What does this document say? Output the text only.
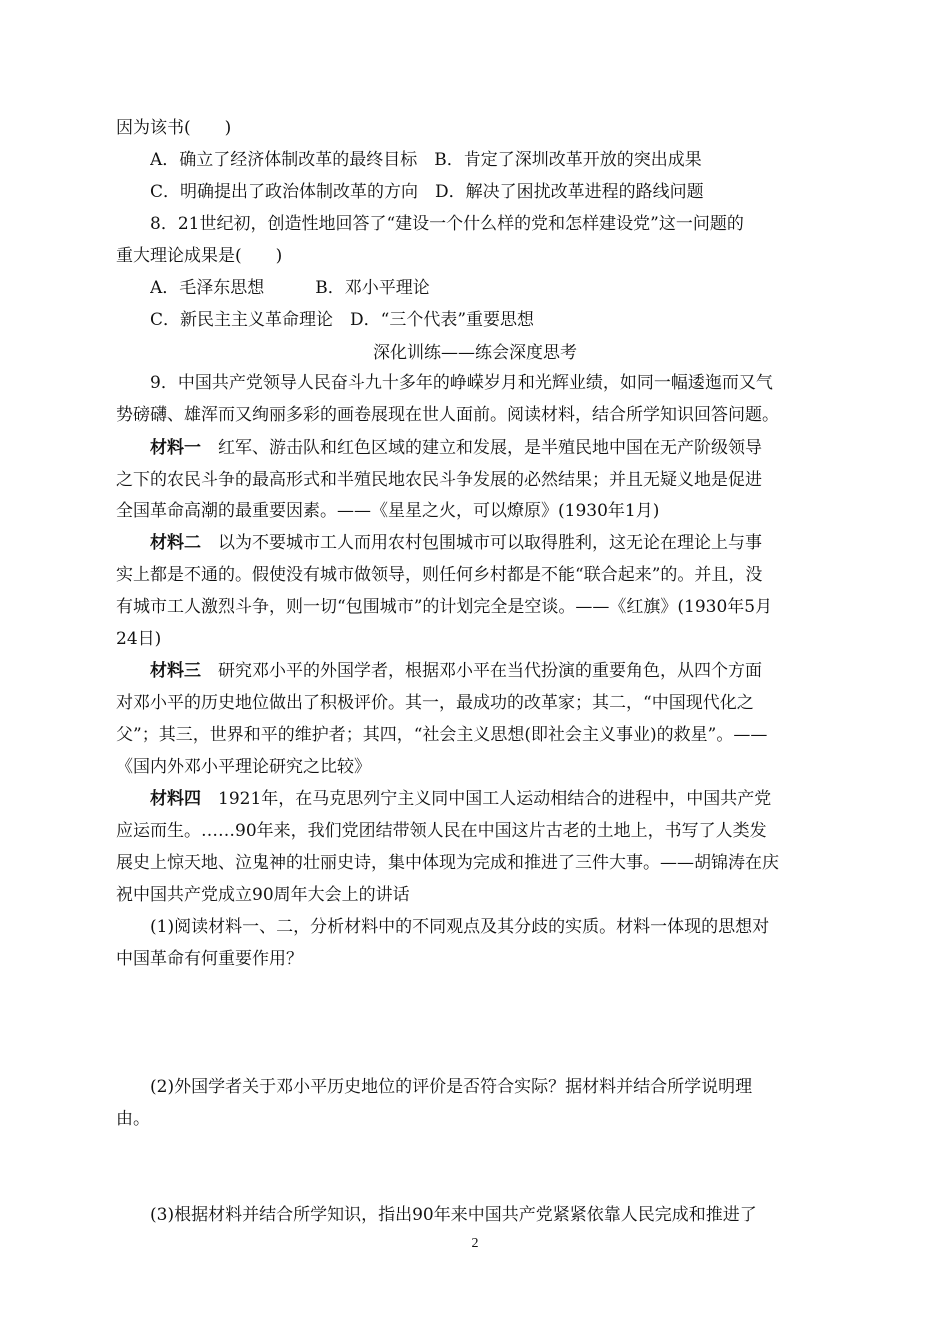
因为该书(　　)
A．确立了经济体制改革的最终目标　B．肯定了深圳改革开放的突出成果
C．明确提出了政治体制改革的方向　D．解决了困扰改革进程的路线问题
8．21世纪初，创造性地回答了“建设一个什么样的党和怎样建设党”这一问题的
重大理论成果是(　　)
A．毛泽东思想　　　B．邓小平理论
C．新民主主义革命理论　D．“三个代表”重要思想
深化训练——练会深度思考
9．中国共产党领导人民奋斗九十多年的峥嵘岁月和光辉业绩，如同一幅逶迤而又气
势磅礴、雄浑而又绚丽多彩的画卷展现在世人面前。阅读材料，结合所学知识回答问题。
材料一　红军、游击队和红色区域的建立和发展，是半殖民地中国在无产阶级领导
之下的农民斗争的最高形式和半殖民地农民斗争发展的必然结果；并且无疑义地是促进
全国革命高潮的最重要因素。——《星星之火，可以燎原》(1930年1月)
材料二　以为不要城市工人而用农村包围城市可以取得胜利，这无论在理论上与事
实上都是不通的。假使没有城市做领导，则任何乡村都是不能“联合起来”的。并且，没
有城市工人激烈斗争，则一切“包围城市”的计划完全是空谈。——《红旗》(1930年5月
24日)
材料三　研究邓小平的外国学者，根据邓小平在当代扮演的重要角色，从四个方面
对邓小平的历史地位做出了积极评价。其一，最成功的改革家；其二，“中国现代化之
父”；其三，世界和平的维护者；其四，“社会主义思想(即社会主义事业)的救星”。——
《国内外邓小平理论研究之比较》
材料四　1921年，在马克思列宁主义同中国工人运动相结合的进程中，中国共产党
应运而生。……90年来，我们党团结带领人民在中国这片古老的土地上，书写了人类发
展史上惊天地、泣鬼神的壮丽史诗，集中体现为完成和推进了三件大事。——胡锦涛在庆
祝中国共产党成立90周年大会上的讲话
(1)阅读材料一、二，分析材料中的不同观点及其分歧的实质。材料一体现的思想对
中国革命有何重要作用？
(2)外国学者关于邓小平历史地位的评价是否符合实际？据材料并结合所学说明理
由。
(3)根据材料并结合所学知识，指出90年来中国共产党紧紧依靠人民完成和推进了
2
